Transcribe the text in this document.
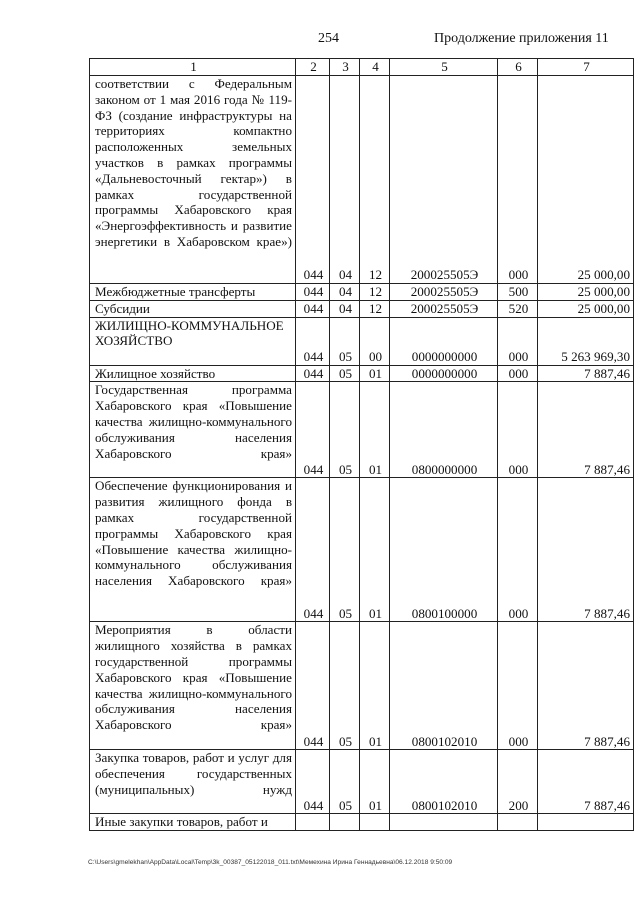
254	Продолжение приложения 11
1	2	3	4	5	6	7
соответствии с Федеральным законом от 1 мая 2016 года № 119-ФЗ (создание инфраструктуры на территориях компактно расположенных земельных участков в рамках программы «Дальневосточный гектар») в рамках государственной программы Хабаровского края «Энергоэффективность и развитие энергетики в Хабаровском крае»)	044	04	12	200025505Э	000	25 000,00
Межбюджетные трансферты	044	04	12	200025505Э	500	25 000,00
Субсидии	044	04	12	200025505Э	520	25 000,00
ЖИЛИЩНО-КОММУНАЛЬНОЕ ХОЗЯЙСТВО	044	05	00	0000000000	000	5 263 969,30
Жилищное хозяйство	044	05	01	0000000000	000	7 887,46
Государственная программа Хабаровского края «Повышение качества жилищно-коммунального обслуживания населения Хабаровского края»	044	05	01	0800000000	000	7 887,46
Обеспечение функционирования и развития жилищного фонда в рамках государственной программы Хабаровского края «Повышение качества жилищно-коммунального обслуживания населения Хабаровского края»	044	05	01	0800100000	000	7 887,46
Мероприятия в области жилищного хозяйства в рамках государственной программы Хабаровского края «Повышение качества жилищно-коммунального обслуживания населения Хабаровского края»	044	05	01	0800102010	000	7 887,46
Закупка товаров, работ и услуг для обеспечения государственных (муниципальных) нужд	044	05	01	0800102010	200	7 887,46
Иные закупки товаров, работ и						
C:\Users\gmelekhan\AppData\Local\Temp\3k_00387_05122018_011.txt\Мемехина Ирина Геннадьевна\06.12.2018 9:50:09
